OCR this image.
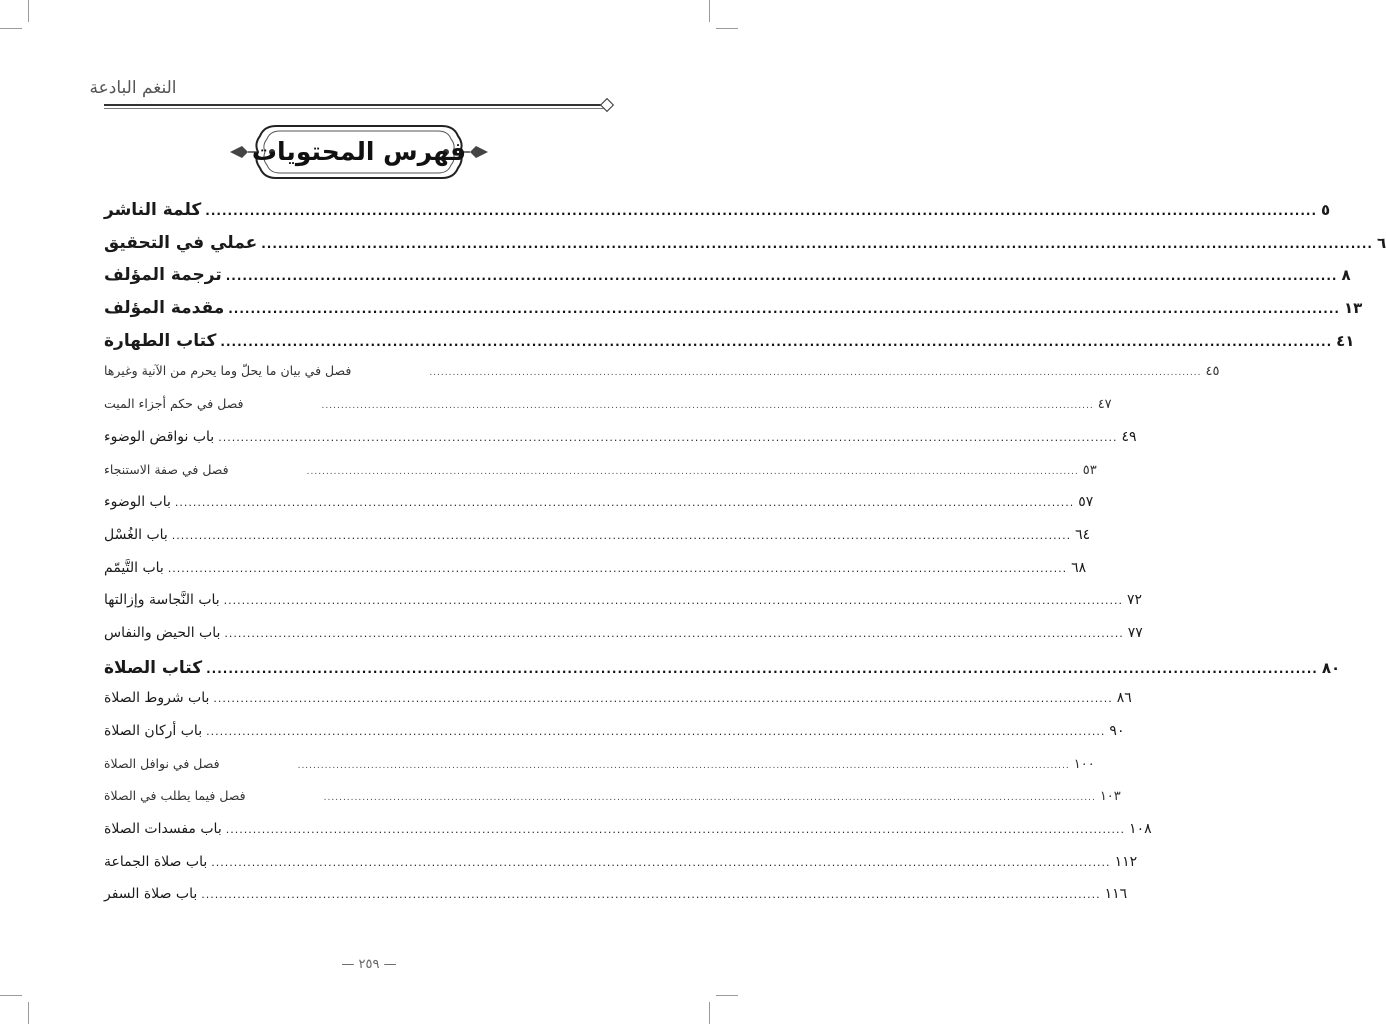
النغم البادعة
فهرس المحتويات
كلمة الناشر ........................................................................................................................................................................................................ ٥
عملي في التحقيق ........................................................................................................................................................................................................ ٦
ترجمة المؤلف ........................................................................................................................................................................................................ ٨
مقدمة المؤلف ........................................................................................................................................................................................................ ١٣
كتاب الطهارة ........................................................................................................................................................................................................ ٤١
فصل في بيان ما يحلّ وما يحرم من الآنية وغيرها	........................................................................................................................................................................................................ ٤٥
فصل في حكم أجزاء الميت	........................................................................................................................................................................................................ ٤٧
باب نواقض الوضوء ........................................................................................................................................................................................................ ٤٩
فصل في صفة الاستنجاء	........................................................................................................................................................................................................ ٥٣
باب الوضوء ........................................................................................................................................................................................................ ٥٧
باب الغُسْل ........................................................................................................................................................................................................ ٦٤
باب التَّيمّم ........................................................................................................................................................................................................ ٦٨
باب النَّجاسة وإزالتها ........................................................................................................................................................................................................ ٧٢
باب الحيض والنفاس ........................................................................................................................................................................................................ ٧٧
كتاب الصلاة ........................................................................................................................................................................................................ ٨٠
باب شروط الصلاة ........................................................................................................................................................................................................ ٨٦
باب أركان الصلاة ........................................................................................................................................................................................................ ٩٠
فصل في نوافل الصلاة	........................................................................................................................................................................................................ ١٠٠
فصل فيما يطلب في الصلاة	........................................................................................................................................................................................................ ١٠٣
باب مفسدات الصلاة ........................................................................................................................................................................................................ ١٠٨
باب صلاة الجماعة ........................................................................................................................................................................................................ ١١٢
باب صلاة السفر ........................................................................................................................................................................................................ ١١٦
— ٢٥٩ —
